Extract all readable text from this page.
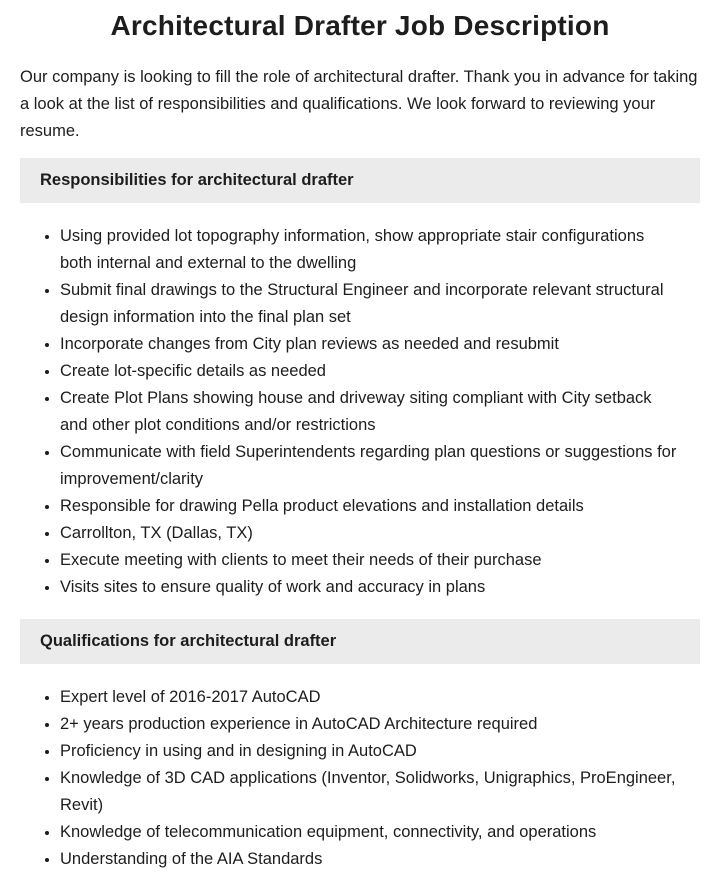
Architectural Drafter Job Description

Our company is looking to fill the role of architectural drafter. Thank you in advance for taking a look at the list of responsibilities and qualifications. We look forward to reviewing your resume.

Responsibilities for architectural drafter
• Using provided lot topography information, show appropriate stair configurations both internal and external to the dwelling
• Submit final drawings to the Structural Engineer and incorporate relevant structural design information into the final plan set
• Incorporate changes from City plan reviews as needed and resubmit
• Create lot-specific details as needed
• Create Plot Plans showing house and driveway siting compliant with City setback and other plot conditions and/or restrictions
• Communicate with field Superintendents regarding plan questions or suggestions for improvement/clarity
• Responsible for drawing Pella product elevations and installation details
• Carrollton, TX (Dallas, TX)
• Execute meeting with clients to meet their needs of their purchase
• Visits sites to ensure quality of work and accuracy in plans
Qualifications for architectural drafter
• Expert level of 2016-2017 AutoCAD
• 2+ years production experience in AutoCAD Architecture required
• Proficiency in using and in designing in AutoCAD
• Knowledge of 3D CAD applications (Inventor, Solidworks, Unigraphics, ProEngineer, Revit)
• Knowledge of telecommunication equipment, connectivity, and operations
• Understanding of the AIA Standards
